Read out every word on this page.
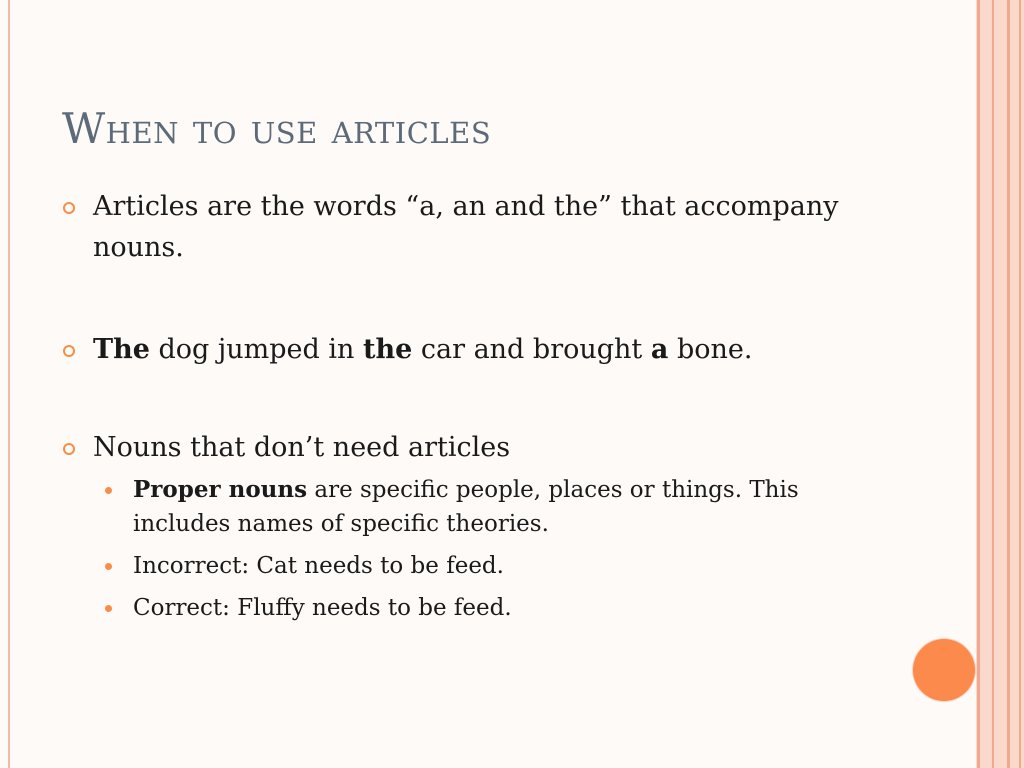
When to use articles
Articles are the words “a, an and the” that accompany nouns.
The dog jumped in the car and brought a bone.
Nouns that don’t need articles
Proper nouns are specific people, places or things. This includes names of specific theories.
Incorrect: Cat needs to be feed.
Correct: Fluffy needs to be feed.
